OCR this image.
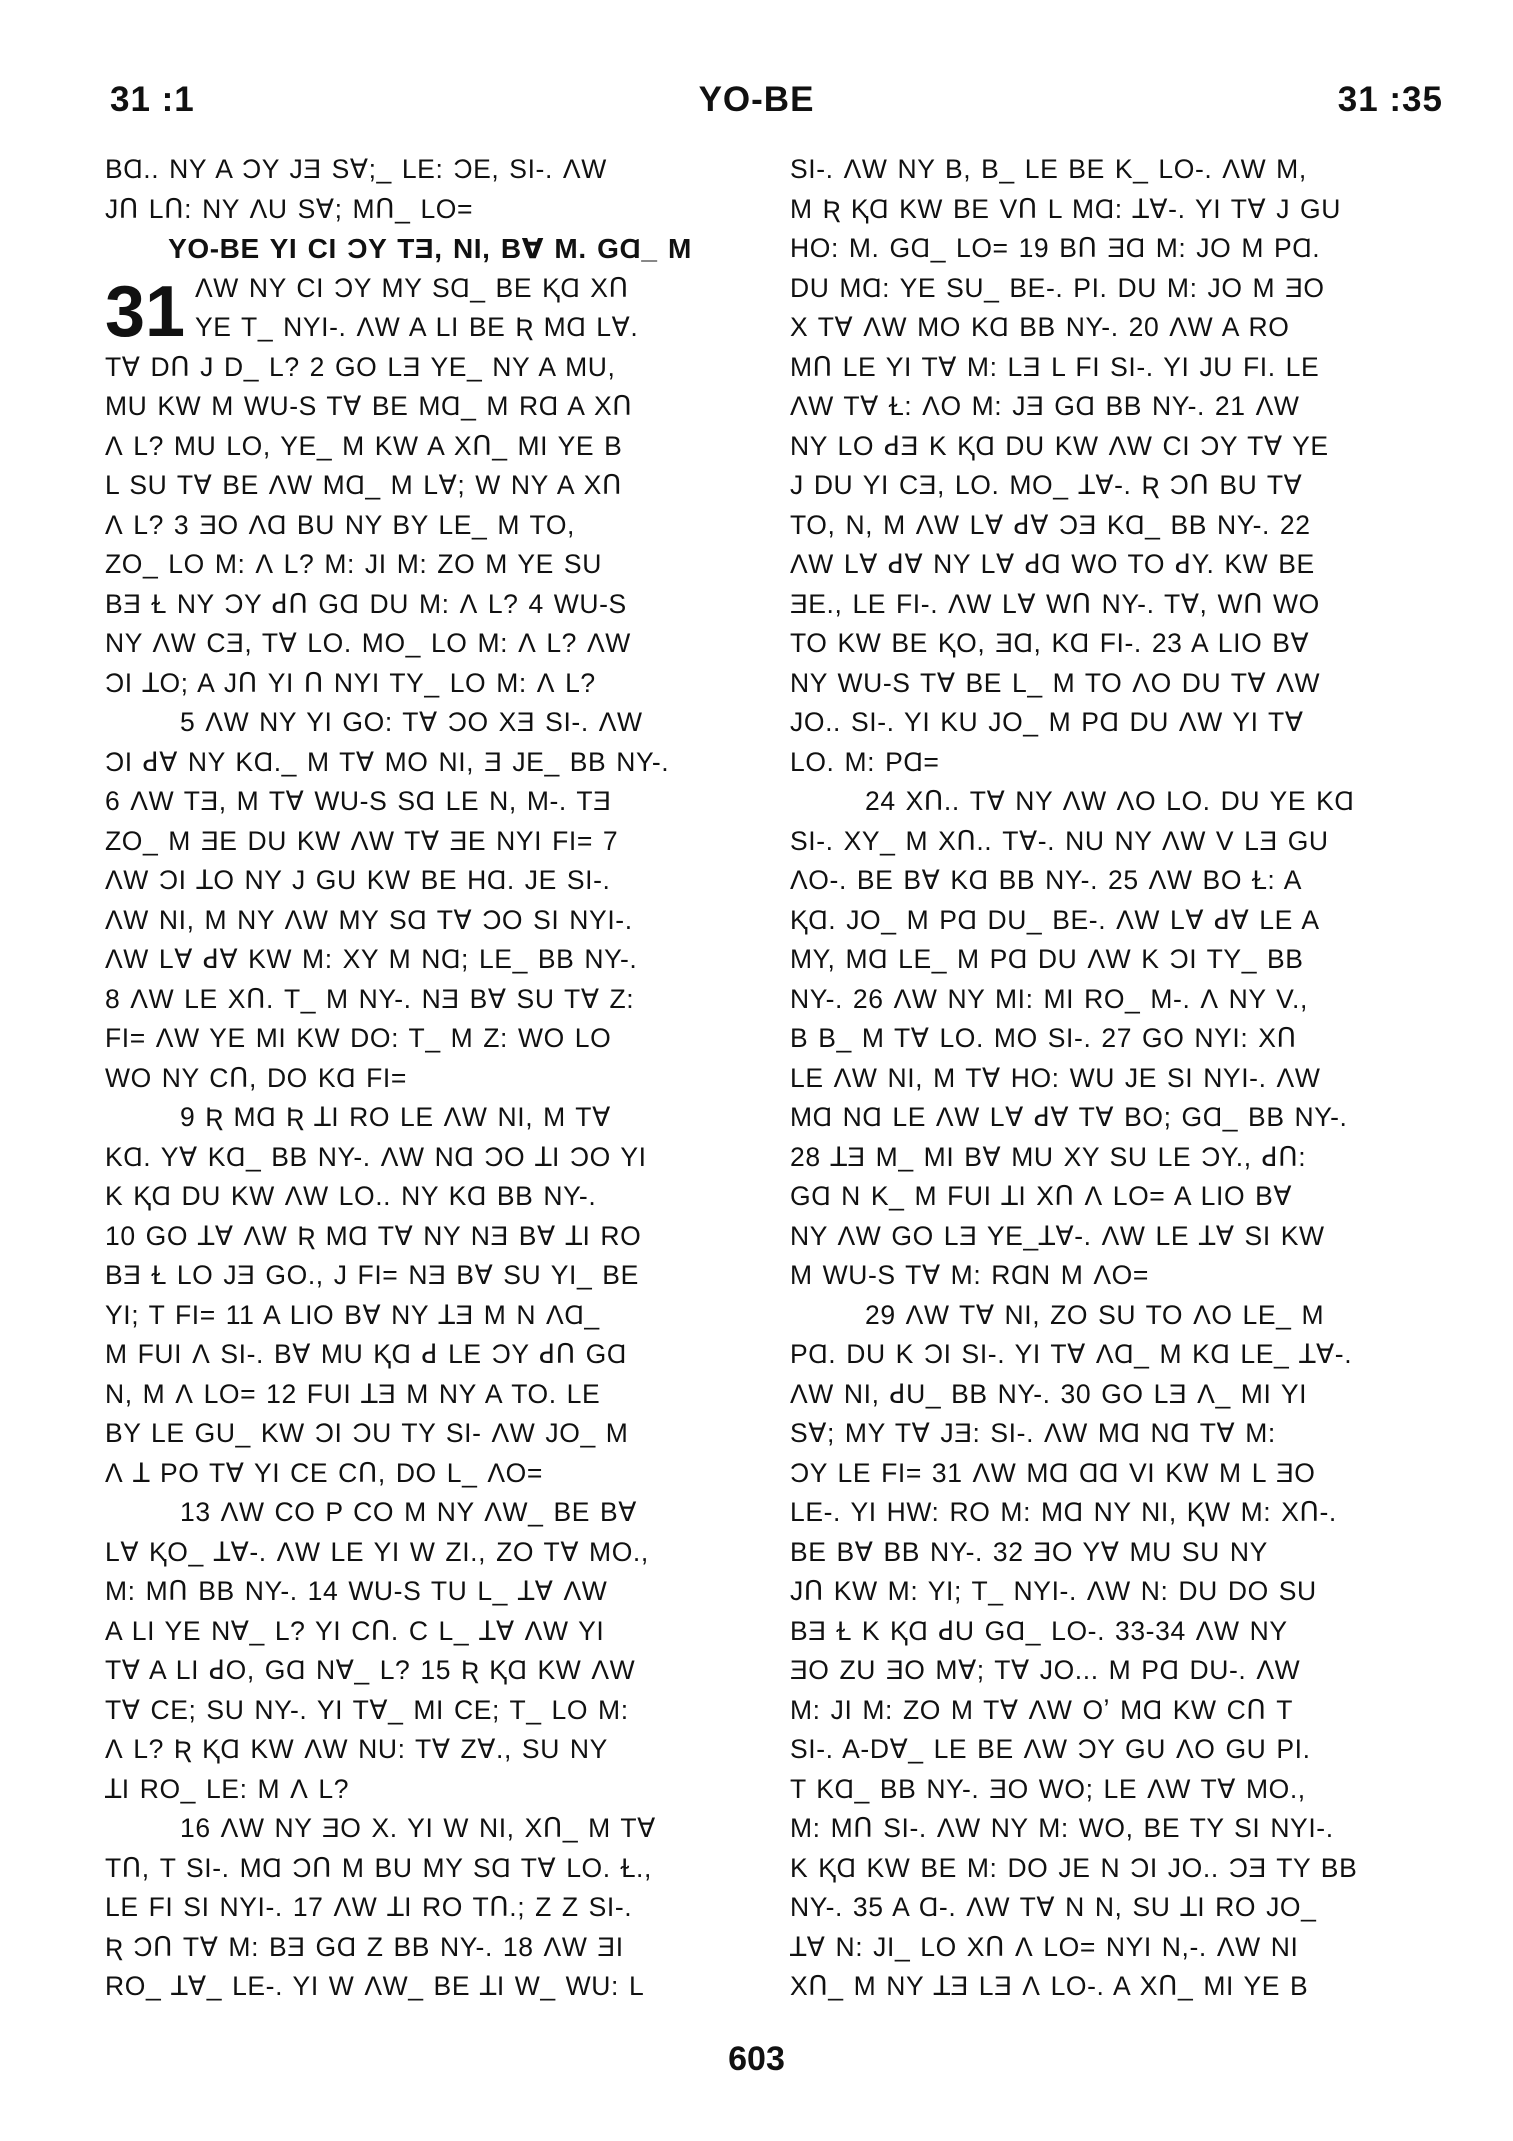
31 :1	YO-BE	31 :35
BⱭ.. NY A ƆY JƎ SⱯ;_ LE: ƆE, SI-. ɅW
JՈ LՈ: NY ɅU SⱯ; MՈ_ LO=
YO-BE YI CI ƆY TƎ, NI, BⱯ M. GⱭ_ M
ɅW NY CI ƆY MY SⱭ_ BE ⱩⱭ XՈ
YE T_ NYI-. ɅW A LI BE Ʀ MⱭ LⱯ.
TⱯ DՈ J D_ L? 2 GO LƎ YE_ NY A MU,
MU KW M WU-S TⱯ BE MⱭ_ M RⱭ A XՈ
Ʌ L? MU LO, YE_ M KW A XՈ_ MI YE B
L SU TⱯ BE ɅW MⱭ_ M LⱯ; W NY A XՈ
Ʌ L? 3 ƎO ɅⱭ BU NY BY LE_ M TO,
ZO_ LO M: Ʌ L? M: JI M: ZO M YE SU
BƎ Ɫ NY ƆY ꓒՈ GⱭ DU M: Ʌ L? 4 WU-S
NY ɅW CƎ, TⱯ LO. MO_ LO M: Ʌ L? ɅW
ƆI ꓕO; A JՈ YI Ո NYI TY_ LO M: Ʌ L?
5 ɅW NY YI GO: TⱯ ƆO XƎ SI-. ɅW
ƆI ꓒⱯ NY KⱭ._ M TⱯ MO NI, Ǝ JE_ BB NY-.
6 ɅW TƎ, M TⱯ WU-S SⱭ LE N, M-. TƎ
ZO_ M ƎE DU KW ɅW TⱯ ƎE NYI FI= 7
ɅW ƆI ꓕO NY J GU KW BE HⱭ. JE SI-.
ɅW NI, M NY ɅW MY SⱭ TⱯ ƆO SI NYI-.
ɅW LⱯ ꓒⱯ KW M: XY M NⱭ; LE_ BB NY-.
8 ɅW LE XՈ. T_ M NY-. NƎ BⱯ SU TⱯ Z:
FI= ɅW YE MI KW DO: T_ M Z: WO LO
WO NY CՈ, DO KⱭ FI=
9 Ʀ MⱭ Ʀ ꓕI RO LE ɅW NI, M TⱯ
KⱭ. YⱯ KⱭ_ BB NY-. ɅW NⱭ ƆO ꓕI ƆO YI
K ⱩⱭ DU KW ɅW LO.. NY KⱭ BB NY-.
10 GO ꓕⱯ ɅW Ʀ MⱭ TⱯ NY NƎ BⱯ ꓕI RO
BƎ Ɫ LO JƎ GO., J FI= NƎ BⱯ SU YI_ BE
YI; T FI= 11 A LIO BⱯ NY ꓕƎ M N ɅⱭ_
M FUI Ʌ SI-. BⱯ MU ⱩⱭ ꓒ LE ƆY ꓒՈ GⱭ
N, M Ʌ LO= 12 FUI ꓕƎ M NY A TO. LE
BY LE GU_ KW ƆI ƆU TY SI- ɅW JO_ M
Ʌ ꓕ PO TⱯ YI CE CՈ, DO L_ ɅO=
13 ɅW CO P CO M NY ɅW_ BE BⱯ
LⱯ ⱩO_ ꓕⱯ-. ɅW LE YI W ZI., ZO TⱯ MO.,
M: MՈ BB NY-. 14 WU-S TU L_ ꓕⱯ ɅW
A LI YE NⱯ_ L? YI CՈ. C L_ ꓕⱯ ɅW YI
TⱯ A LI ꓒO, GⱭ NⱯ_ L? 15 Ʀ ⱩⱭ KW ɅW
TⱯ CE; SU NY-. YI TⱯ_ MI CE; T_ LO M:
Ʌ L? Ʀ ⱩⱭ KW ɅW NU: TⱯ ZⱯ., SU NY
ꓕI RO_ LE: M Ʌ L?
16 ɅW NY ƎO X. YI W NI, XՈ_ M TⱯ
TՈ, T SI-. MⱭ ƆՈ M BU MY SⱭ TⱯ LO. Ɫ.,
LE FI SI NYI-. 17 ɅW ꓕI RO TՈ.; Z Z SI-.
Ʀ ƆՈ TⱯ M: BƎ GⱭ Z BB NY-. 18 ɅW ƎI
RO_ ꓕⱯ_ LE-. YI W ɅW_ BE ꓕI W_ WU: L
31
SI-. ɅW NY B, B_ LE BE K_ LO-. ɅW M,
M Ʀ ⱩⱭ KW BE VՈ L MⱭ: ꓕⱯ-. YI TⱯ J GU
HO: M. GⱭ_ LO= 19 BՈ ƎⱭ M: JO M PⱭ.
DU MⱭ: YE SU_ BE-. PI. DU M: JO M ƎO
X TⱯ ɅW MO KⱭ BB NY-. 20 ɅW A RO
MՈ LE YI TⱯ M: LƎ L FI SI-. YI JU FI. LE
ɅW TⱯ Ɫ: ɅO M: JƎ GⱭ BB NY-. 21 ɅW
NY LO ꓒƎ K ⱩⱭ DU KW ɅW CI ƆY TⱯ YE
J DU YI CƎ, LO. MO_ ꓕⱯ-. Ʀ ƆՈ BU TⱯ
TO, N, M ɅW LⱯ ꓒⱯ ƆƎ KⱭ_ BB NY-. 22
ɅW LⱯ ꓒⱯ NY LⱯ ꓒⱭ WO TO ꓒY. KW BE
ƎE., LE FI-. ɅW LⱯ WՈ NY-. TⱯ, WՈ WO
TO KW BE ⱩO, ƎⱭ, KⱭ FI-. 23 A LIO BⱯ
NY WU-S TⱯ BE L_ M TO ɅO DU TⱯ ɅW
JO.. SI-. YI KU JO_ M PⱭ DU ɅW YI TⱯ
LO. M: PⱭ=
24 XՈ.. TⱯ NY ɅW ɅO LO. DU YE KⱭ
SI-. XY_ M XՈ.. TⱯ-. NU NY ɅW V LƎ GU
ɅO-. BE BⱯ KⱭ BB NY-. 25 ɅW BO Ɫ: A
ⱩⱭ. JO_ M PⱭ DU_ BE-. ɅW LⱯ ꓒⱯ LE A
MY, MⱭ LE_ M PⱭ DU ɅW K ƆI TY_ BB
NY-. 26 ɅW NY MI: MI RO_ M-. Ʌ NY V.,
B B_ M TⱯ LO. MO SI-. 27 GO NYI: XՈ
LE ɅW NI, M TⱯ HO: WU JE SI NYI-. ɅW
MⱭ NⱭ LE ɅW LⱯ ꓒⱯ TⱯ BO; GⱭ_ BB NY-.
28 ꓕƎ M_ MI BⱯ MU XY SU LE ƆY., ꓒՈ:
GⱭ N K_ M FUI ꓕI XՈ Ʌ LO= A LIO BⱯ
NY ɅW GO LƎ YE_ꓕⱯ-. ɅW LE ꓕⱯ SI KW
M WU-S TⱯ M: RⱭN M ɅO=
29 ɅW TⱯ NI, ZO SU TO ɅO LE_ M
PⱭ. DU K ƆI SI-. YI TⱯ ɅⱭ_ M KⱭ LE_ ꓕⱯ-.
ɅW NI, ꓒU_ BB NY-. 30 GO LƎ Ʌ_ MI YI
SⱯ; MY TⱯ JƎ: SI-. ɅW MⱭ NⱭ TⱯ M:
ƆY LE FI= 31 ɅW MⱭ ⱭⱭ VI KW M L ƎO
LE-. YI HW: RO M: MⱭ NY NI, ⱩW M: XՈ-.
BE BⱯ BB NY-. 32 ƎO YⱯ MU SU NY
JՈ KW M: YI; T_ NYI-. ɅW N: DU DO SU
BƎ Ɫ K ⱩⱭ ꓒU GⱭ_ LO-. 33-34 ɅW NY
ƎO ZU ƎO MⱯ; TⱯ JO... M PⱭ DU-. ɅW
M: JI M: ZO M TⱯ ɅW Oʼ MⱭ KW CՈ T
SI-. A-DⱯ_ LE BE ɅW ƆY GU ɅO GU PI.
T KⱭ_ BB NY-. ƎO WO; LE ɅW TⱯ MO.,
M: MՈ SI-. ɅW NY M: WO, BE TY SI NYI-.
K ⱩⱭ KW BE M: DO JE N ƆI JO.. ƆƎ TY BB
NY-. 35 A Ɑ-. ɅW TⱯ N N, SU ꓕI RO JO_
ꓕⱯ N: JI_ LO XՈ Ʌ LO= NYI N,-. ɅW NI
XՈ_ M NY ꓕƎ LƎ Ʌ LO-. A XՈ_ MI YE B
603
